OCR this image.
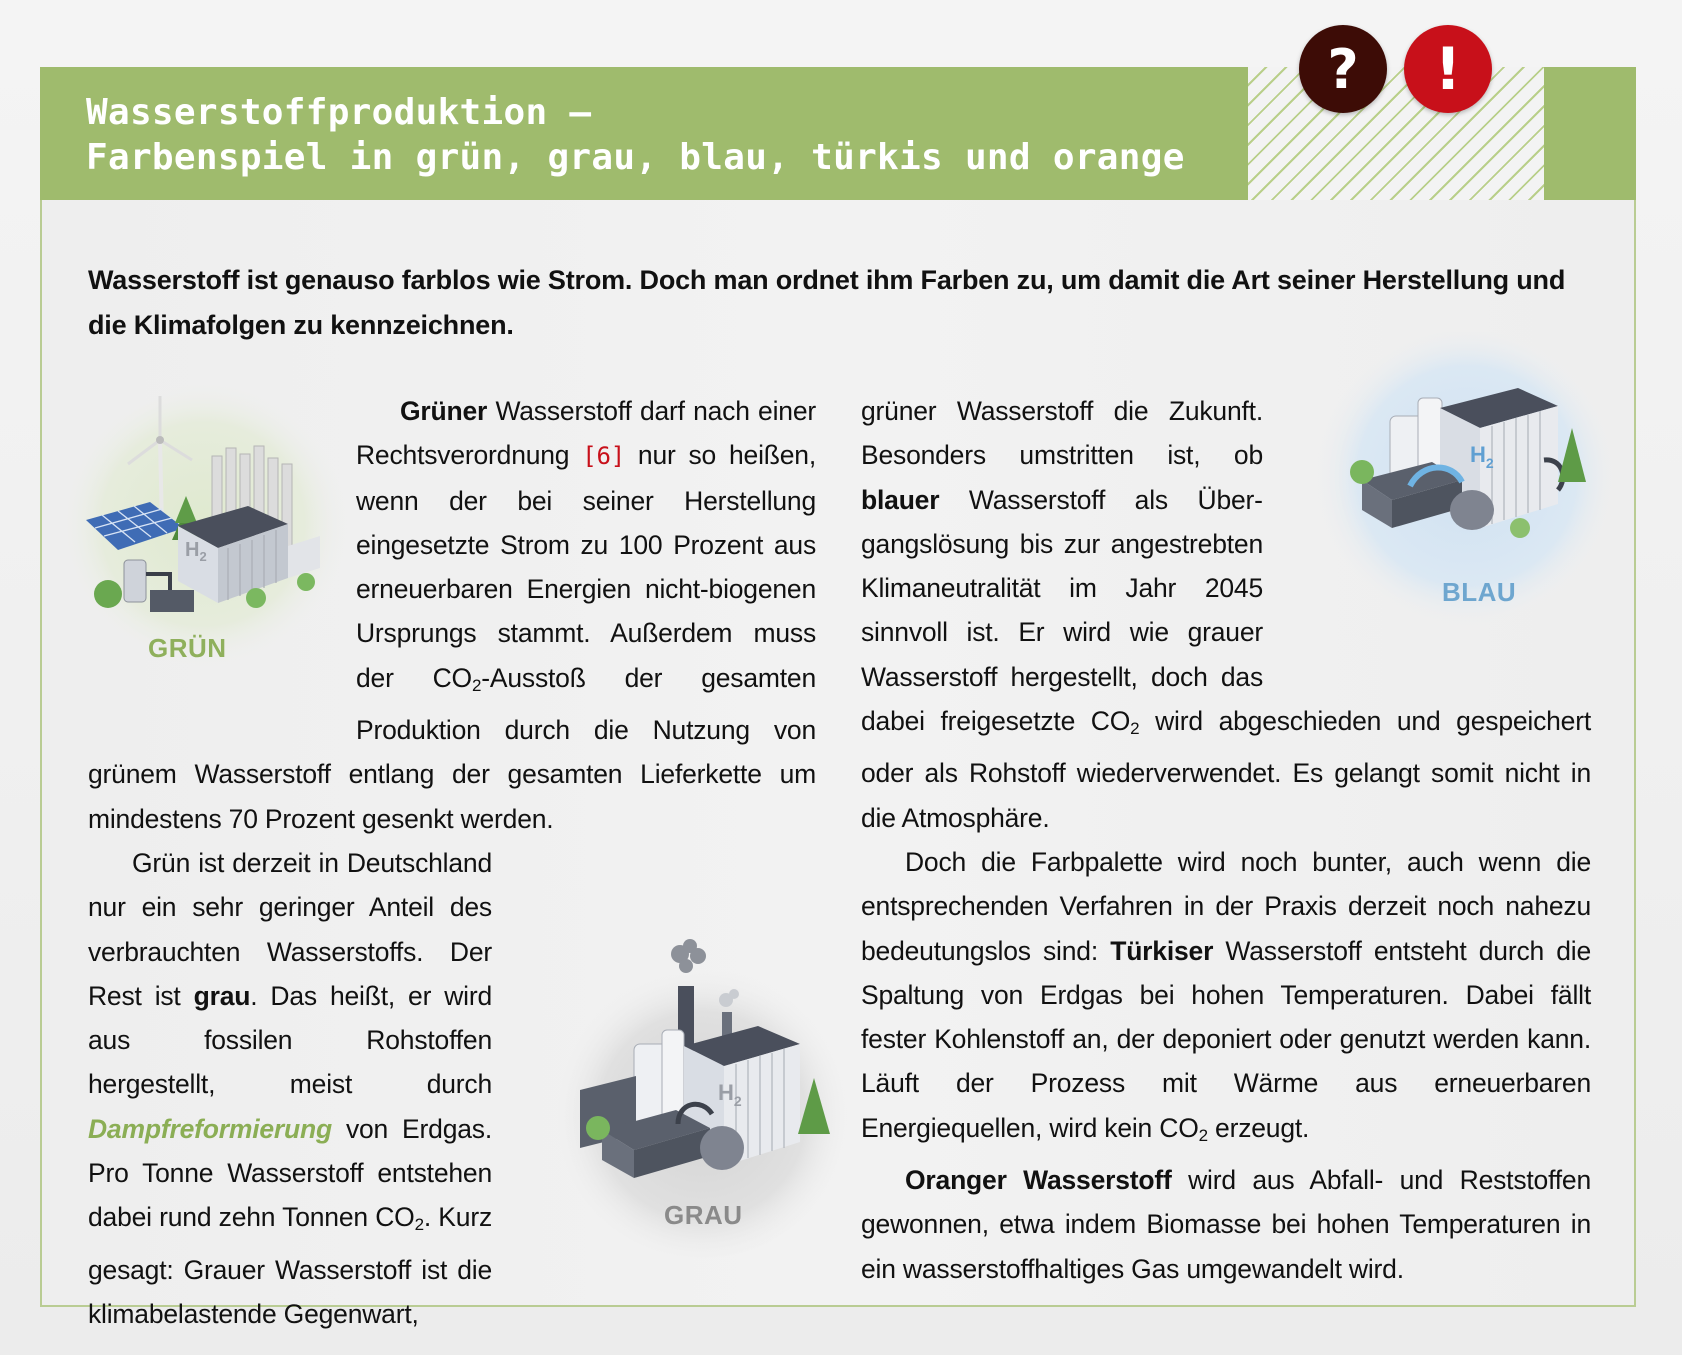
Wasserstoffproduktion –
Farbenspiel in grün, grau, blau, türkis und orange
? !

Wasserstoff ist genauso farblos wie Strom. Doch man ordnet ihm Farben zu, um damit die Art seiner Herstellung und die Klimafolgen zu kennzeichnen.

$H_2$
GRÜN
$H_2$
BLAU
$H_2$
GRAU

Grüner Wasserstoff darf nach einer Rechtsverordnung [6] nur so heißen, wenn der bei seiner Herstellung eingesetzte Strom zu 100 Prozent aus erneuerbaren Energien nicht-biogenen Ursprungs stammt. Außerdem muss der $CO_2$-Ausstoß der gesamten Produktion durch die Nutzung von grünem Wasserstoff entlang der gesamten Lieferkette um mindestens 70 Prozent gesenkt werden.

Grün ist derzeit in Deutschland nur ein sehr geringer Anteil des verbrauchten Wasserstoffs. Der Rest ist grau. Das heißt, er wird aus fossilen Rohstoffen hergestellt, meist durch Dampfreformierung von Erdgas. Pro Tonne Wasserstoff entstehen dabei rund zehn Tonnen $CO_2$. Kurz gesagt: Grauer Wasserstoff ist die klimabelastende Gegenwart,

grüner Wasserstoff die Zukunft. Besonders umstritten ist, ob blauer Wasserstoff als Übergangslösung bis zur angestrebten Klimaneutralität im Jahr 2045 sinnvoll ist. Er wird wie grauer Wasserstoff hergestellt, doch das dabei freigesetzte $CO_2$ wird abgeschieden und gespeichert oder als Rohstoff wiederverwendet. Es gelangt somit nicht in die Atmosphäre.

Doch die Farbpalette wird noch bunter, auch wenn die entsprechenden Verfahren in der Praxis derzeit noch nahezu bedeutungslos sind: Türkiser Wasserstoff entsteht durch die Spaltung von Erdgas bei hohen Temperaturen. Dabei fällt fester Kohlenstoff an, der deponiert oder genutzt werden kann. Läuft der Prozess mit Wärme aus erneuerbaren Energiequellen, wird kein $CO_2$ erzeugt.

Oranger Wasserstoff wird aus Abfall- und Reststoffen gewonnen, etwa indem Biomasse bei hohen Temperaturen in ein wasserstoffhaltiges Gas umgewandelt wird.
